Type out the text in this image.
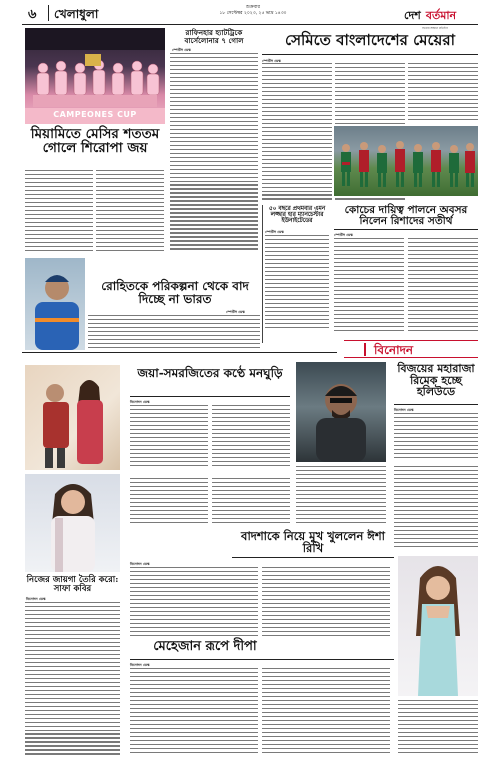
৬ খেলাধুলা	শুক্রবার
১৮ সেপ্টেম্বর ২০২৩, ২৫ ভাদ্র ১৪৩০	দেশ বর্তমান
সত্যের সন্ধানে প্রতিদিন
CAMPEONES CUP
মিয়ামিতে মেসির শততম গোলে শিরোপা জয়
রাফিনহার হ্যাটট্রিকে বার্সেলোনার ৭ গোল
স্পোর্টস ডেস্ক
সেমিতে বাংলাদেশের মেয়েরা
স্পোর্টস ডেস্ক
কোচের দায়িত্ব পালনে অবসর নিলেন রিশাদের সতীর্থ
স্পোর্টস ডেস্ক
৫০ বছরে প্রথমবার এমন লজ্জার হার ম্যানচেস্টার ইউনাইটেডের
স্পোর্টস ডেস্ক
রোহিতকে পরিকল্পনা থেকে বাদ দিচ্ছে না ভারত
স্পোর্টস ডেস্ক
বিনোদন
জয়া-সমরজিতের কণ্ঠে মনঘুড়ি
বিনোদন ডেস্ক
বিজয়ের মহারাজা রিমেক হচ্ছে হলিউডে
বিনোদন ডেস্ক
নিজের জায়গা তৈরি করো: সাফা কবির
বিনোদন ডেস্ক
বাদশাকে নিয়ে মুখ খুললেন ঈশা রিখি
বিনোদন ডেস্ক
মেহেজান রূপে দীপা
বিনোদন ডেস্ক
